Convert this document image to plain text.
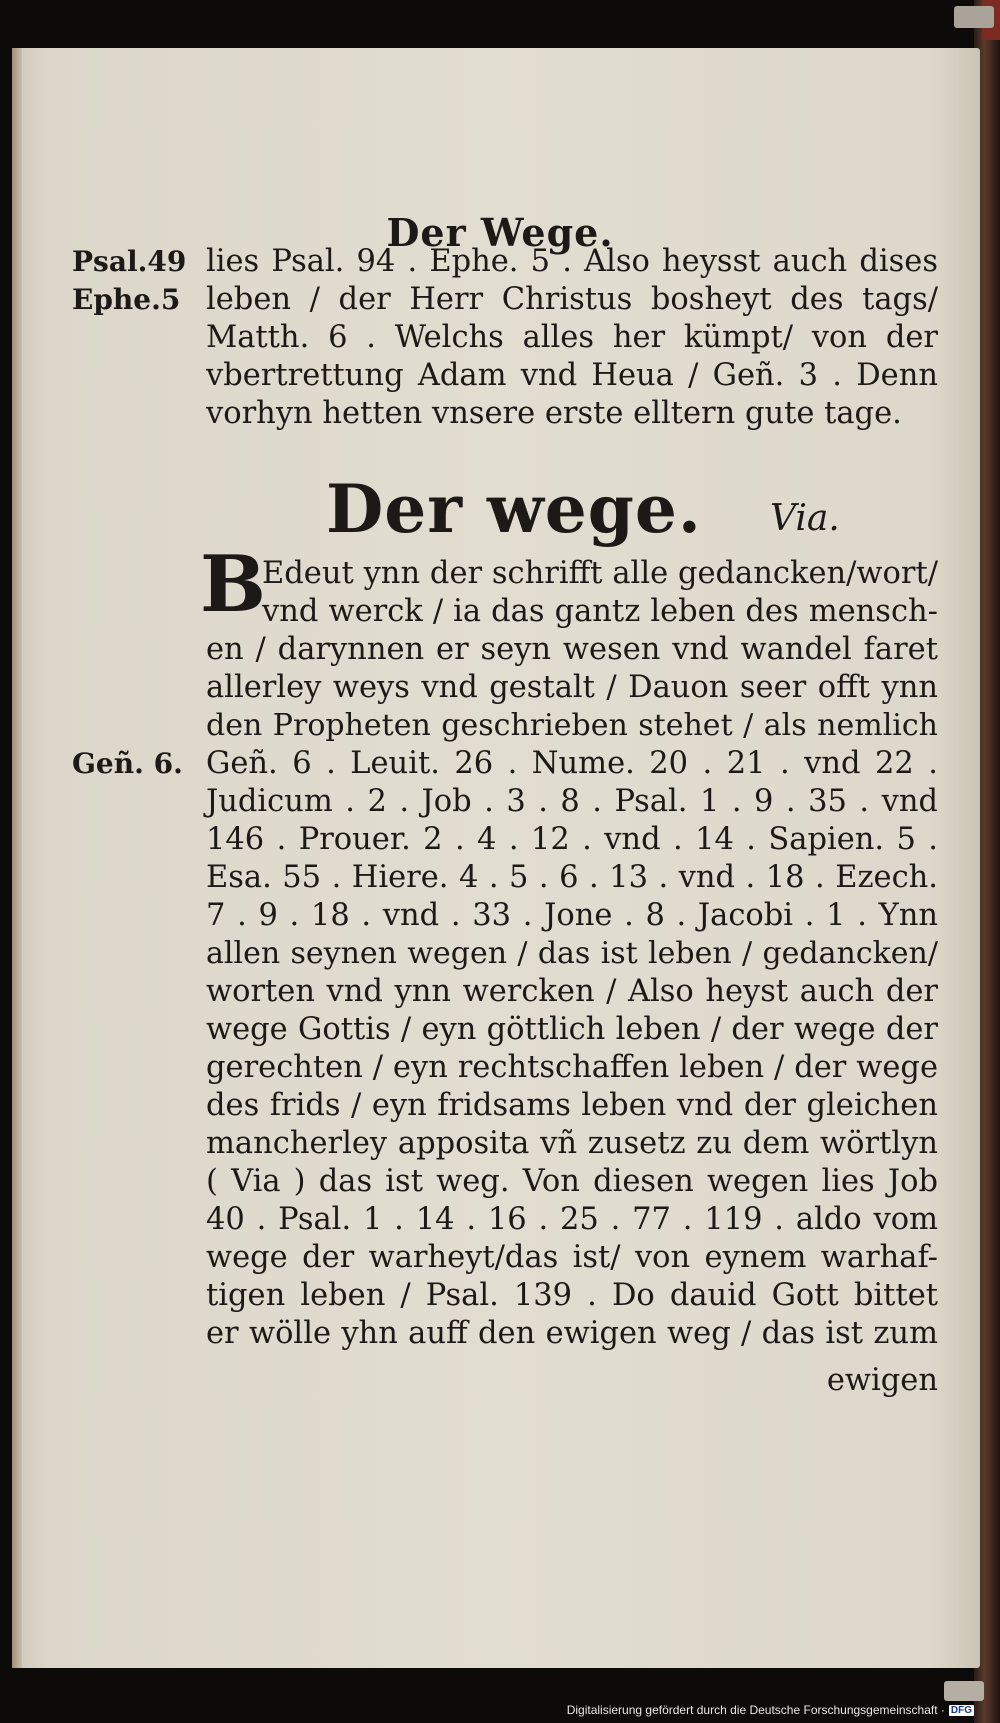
Der Wege.
Psal.49
Ephe.5
Geñ. 6.
lies Psal. 94 . Ephe. 5 . Also heysst auch dises
leben / der Herr Christus bosheyt des tags/
Matth. 6 . Welchs alles her kümpt/ von der
vbertrettung Adam vnd Heua / Geñ. 3 . Denn
vorhyn hetten vnsere erste elltern gute tage.
Der wege. Via.
B
Edeut ynn der schrifft alle gedancken/wort/
vnd werck / ia das gantz leben des mensch-
en / darynnen er seyn wesen vnd wandel faret
allerley weys vnd gestalt / Dauon seer offt ynn
den Propheten geschrieben stehet / als nemlich
Geñ. 6 . Leuit. 26 . Nume. 20 . 21 . vnd 22 .
Judicum . 2 . Job . 3 . 8 . Psal. 1 . 9 . 35 . vnd
146 . Prouer. 2 . 4 . 12 . vnd . 14 . Sapien. 5 .
Esa. 55 . Hiere. 4 . 5 . 6 . 13 . vnd . 18 . Ezech.
7 . 9 . 18 . vnd . 33 . Jone . 8 . Jacobi . 1 . Ynn
allen seynen wegen / das ist leben / gedancken/
worten vnd ynn wercken / Also heyst auch der
wege Gottis / eyn göttlich leben / der wege der
gerechten / eyn rechtschaffen leben / der wege
des frids / eyn fridsams leben vnd der gleichen
mancherley apposita vñ zusetz zu dem wörtlyn
( Via ) das ist weg. Von diesen wegen lies Job
40 . Psal. 1 . 14 . 16 . 25 . 77 . 119 . aldo vom
wege der warheyt/das ist/ von eynem warhaf-
tigen leben / Psal. 139 . Do dauid Gott bittet
er wölle yhn auff den ewigen weg / das ist zum
ewigen
Digitalisierung gefördert durch die Deutsche Forschungsgemeinschaft · DFG
